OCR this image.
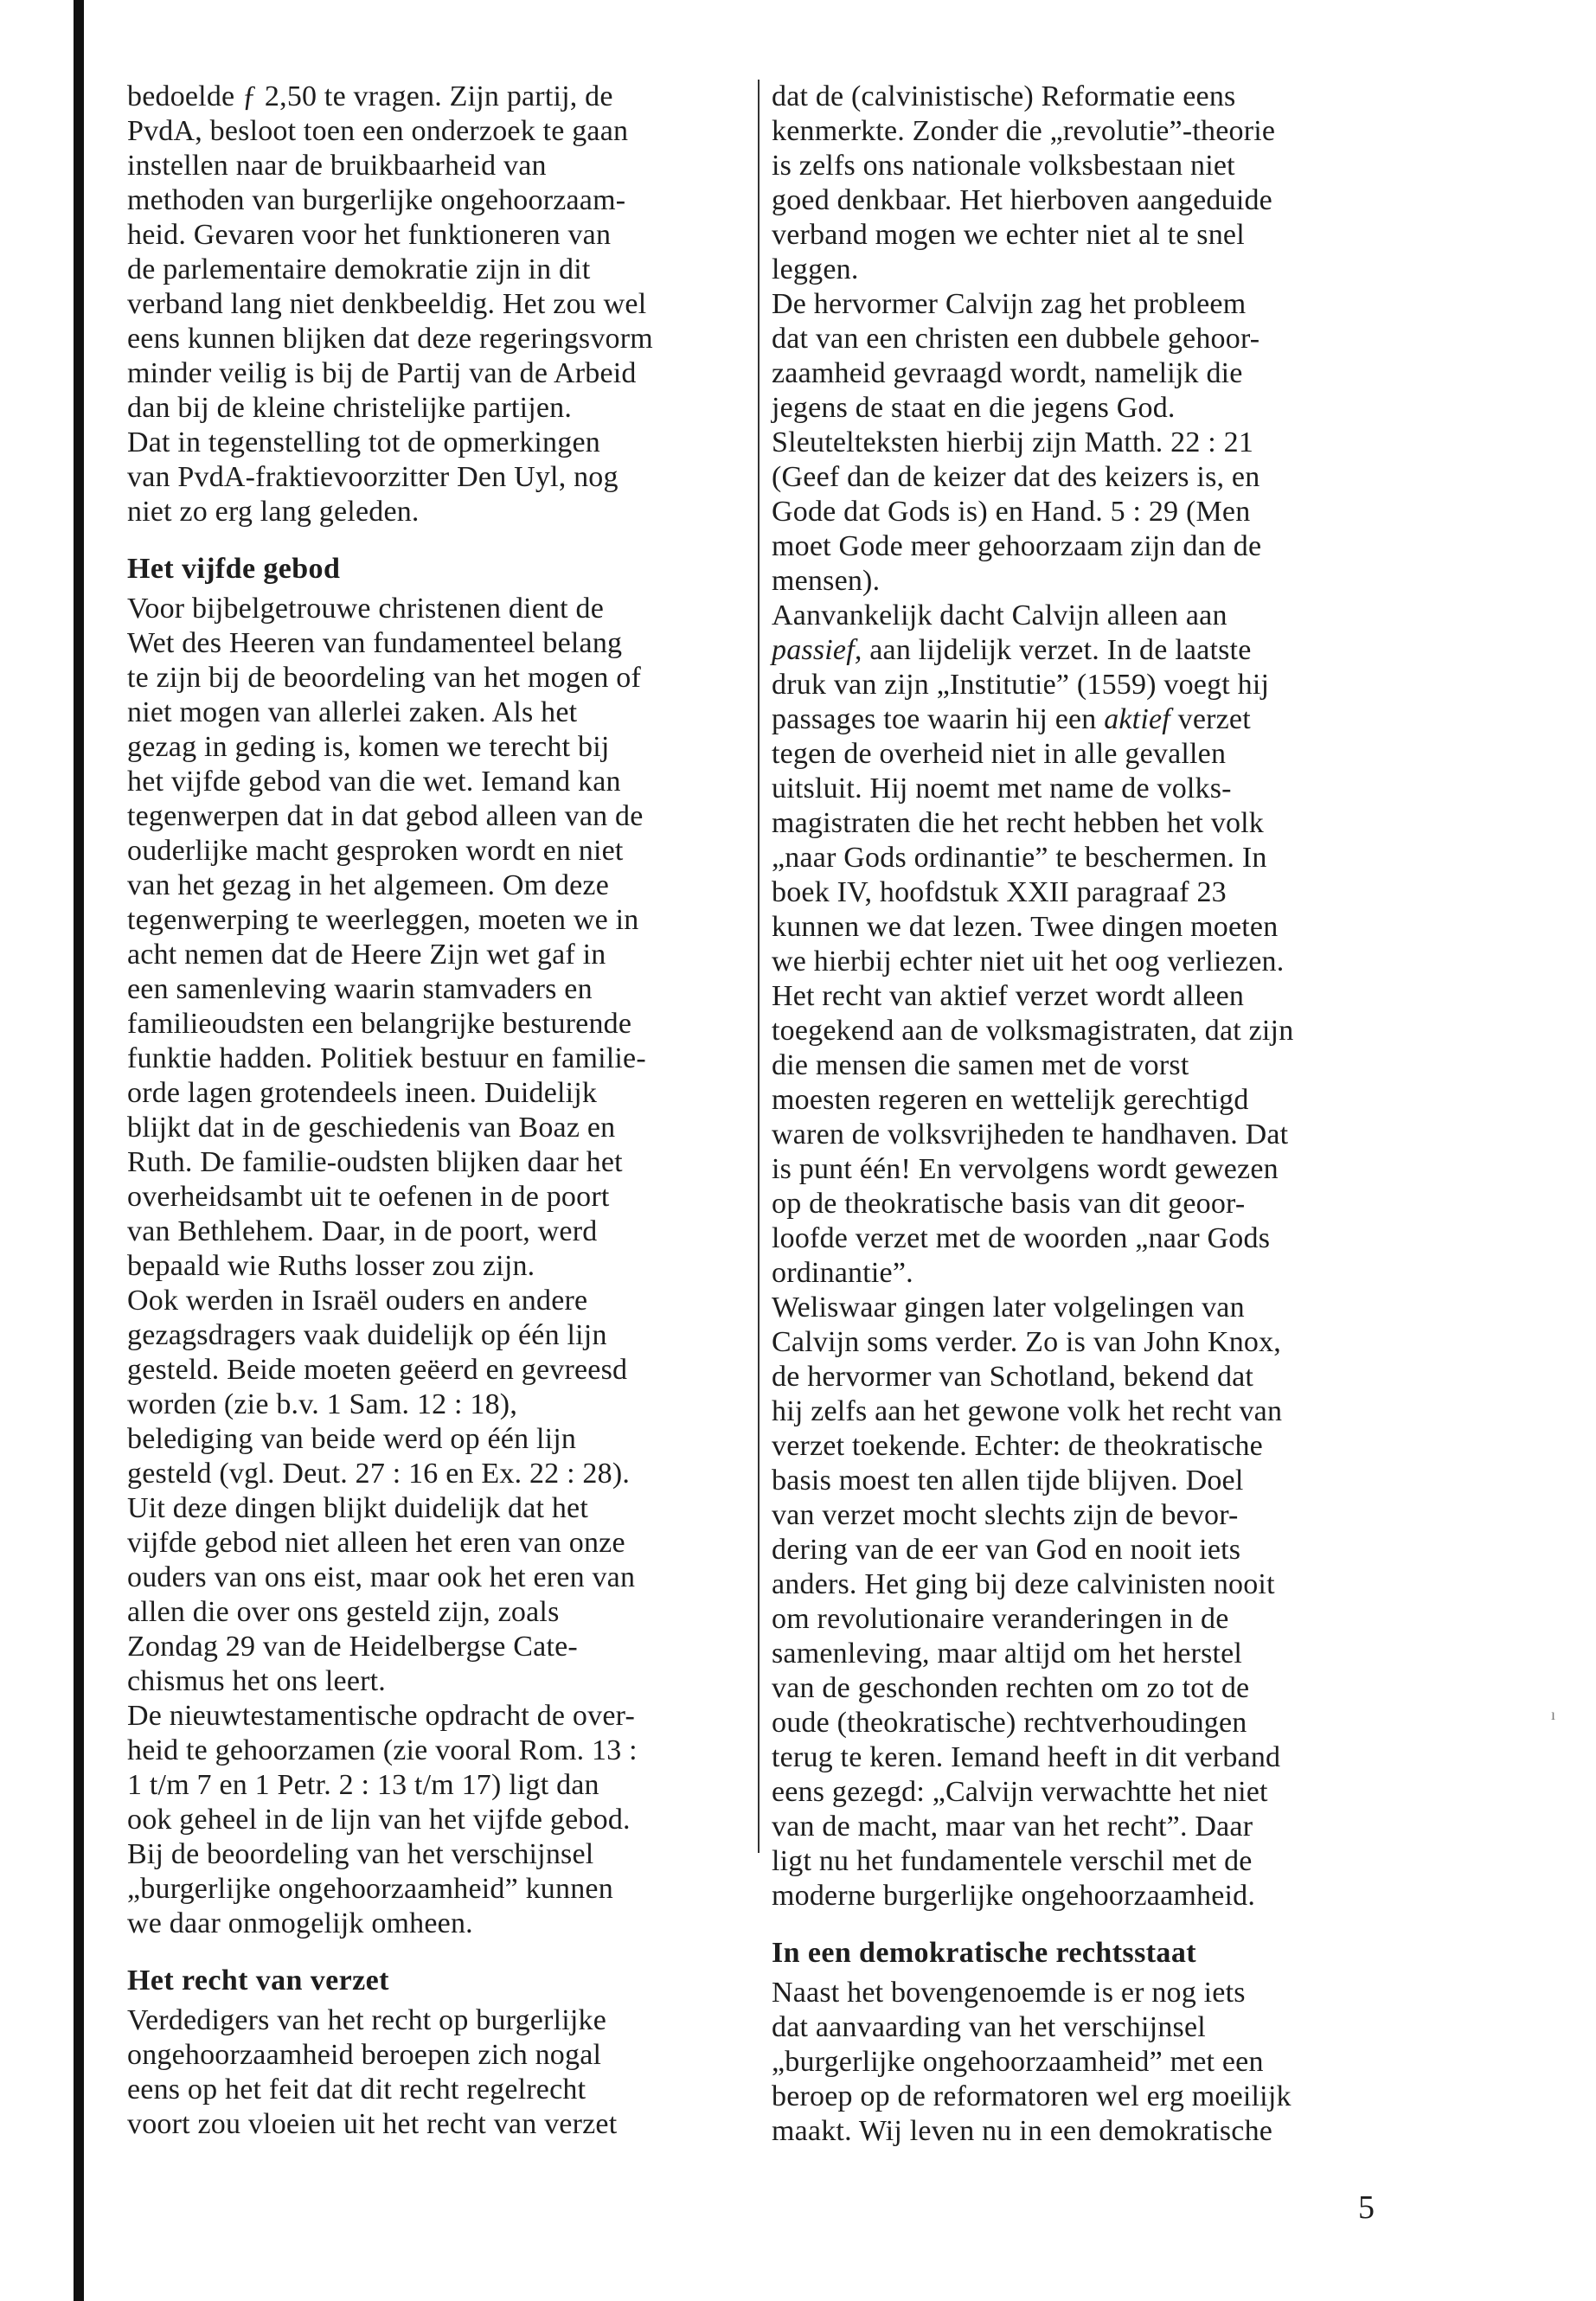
bedoelde ƒ 2,50 te vragen. Zijn partij, de
PvdA, besloot toen een onderzoek te gaan
instellen naar de bruikbaarheid van
methoden van burgerlijke ongehoorzaam-
heid. Gevaren voor het funktioneren van
de parlementaire demokratie zijn in dit
verband lang niet denkbeeldig. Het zou wel
eens kunnen blijken dat deze regeringsvorm
minder veilig is bij de Partij van de Arbeid
dan bij de kleine christelijke partijen.
Dat in tegenstelling tot de opmerkingen
van PvdA-fraktievoorzitter Den Uyl, nog
niet zo erg lang geleden.

Het vijfde gebod

Voor bijbelgetrouwe christenen dient de
Wet des Heeren van fundamenteel belang
te zijn bij de beoordeling van het mogen of
niet mogen van allerlei zaken. Als het
gezag in geding is, komen we terecht bij
het vijfde gebod van die wet. Iemand kan
tegenwerpen dat in dat gebod alleen van de
ouderlijke macht gesproken wordt en niet
van het gezag in het algemeen. Om deze
tegenwerping te weerleggen, moeten we in
acht nemen dat de Heere Zijn wet gaf in
een samenleving waarin stamvaders en
familieoudsten een belangrijke besturende
funktie hadden. Politiek bestuur en familie-
orde lagen grotendeels ineen. Duidelijk
blijkt dat in de geschiedenis van Boaz en
Ruth. De familie-oudsten blijken daar het
overheidsambt uit te oefenen in de poort
van Bethlehem. Daar, in de poort, werd
bepaald wie Ruths losser zou zijn.

Ook werden in Israël ouders en andere
gezagsdragers vaak duidelijk op één lijn
gesteld. Beide moeten geëerd en gevreesd
worden (zie b.v. 1 Sam. 12 : 18),
belediging van beide werd op één lijn
gesteld (vgl. Deut. 27 : 16 en Ex. 22 : 28).
Uit deze dingen blijkt duidelijk dat het
vijfde gebod niet alleen het eren van onze
ouders van ons eist, maar ook het eren van
allen die over ons gesteld zijn, zoals
Zondag 29 van de Heidelbergse Cate-
chismus het ons leert.

De nieuwtestamentische opdracht de over-
heid te gehoorzamen (zie vooral Rom. 13 :
1 t/m 7 en 1 Petr. 2 : 13 t/m 17) ligt dan
ook geheel in de lijn van het vijfde gebod.
Bij de beoordeling van het verschijnsel
„burgerlijke ongehoorzaamheid” kunnen
we daar onmogelijk omheen.

Het recht van verzet

Verdedigers van het recht op burgerlijke
ongehoorzaamheid beroepen zich nogal
eens op het feit dat dit recht regelrecht
voort zou vloeien uit het recht van verzet

dat de (calvinistische) Reformatie eens
kenmerkte. Zonder die „revolutie”-theorie
is zelfs ons nationale volksbestaan niet
goed denkbaar. Het hierboven aangeduide
verband mogen we echter niet al te snel
leggen.

De hervormer Calvijn zag het probleem
dat van een christen een dubbele gehoor-
zaamheid gevraagd wordt, namelijk die
jegens de staat en die jegens God.
Sleutelteksten hierbij zijn Matth. 22 : 21
(Geef dan de keizer dat des keizers is, en
Gode dat Gods is) en Hand. 5 : 29 (Men
moet Gode meer gehoorzaam zijn dan de
mensen).

Aanvankelijk dacht Calvijn alleen aan
passief, aan lijdelijk verzet. In de laatste
druk van zijn „Institutie” (1559) voegt hij
passages toe waarin hij een aktief verzet
tegen de overheid niet in alle gevallen
uitsluit. Hij noemt met name de volks-
magistraten die het recht hebben het volk
„naar Gods ordinantie” te beschermen. In
boek IV, hoofdstuk XXII paragraaf 23
kunnen we dat lezen. Twee dingen moeten
we hierbij echter niet uit het oog verliezen.
Het recht van aktief verzet wordt alleen
toegekend aan de volksmagistraten, dat zijn
die mensen die samen met de vorst
moesten regeren en wettelijk gerechtigd
waren de volksvrijheden te handhaven. Dat
is punt één! En vervolgens wordt gewezen
op de theokratische basis van dit geoor-
loofde verzet met de woorden „naar Gods
ordinantie”.

Weliswaar gingen later volgelingen van
Calvijn soms verder. Zo is van John Knox,
de hervormer van Schotland, bekend dat
hij zelfs aan het gewone volk het recht van
verzet toekende. Echter: de theokratische
basis moest ten allen tijde blijven. Doel
van verzet mocht slechts zijn de bevor-
dering van de eer van God en nooit iets
anders. Het ging bij deze calvinisten nooit
om revolutionaire veranderingen in de
samenleving, maar altijd om het herstel
van de geschonden rechten om zo tot de
oude (theokratische) rechtverhoudingen
terug te keren. Iemand heeft in dit verband
eens gezegd: „Calvijn verwachtte het niet
van de macht, maar van het recht”. Daar
ligt nu het fundamentele verschil met de
moderne burgerlijke ongehoorzaamheid.

In een demokratische rechtsstaat

Naast het bovengenoemde is er nog iets
dat aanvaarding van het verschijnsel
„burgerlijke ongehoorzaamheid” met een
beroep op de reformatoren wel erg moeilijk
maakt. Wij leven nu in een demokratische

5
ı
